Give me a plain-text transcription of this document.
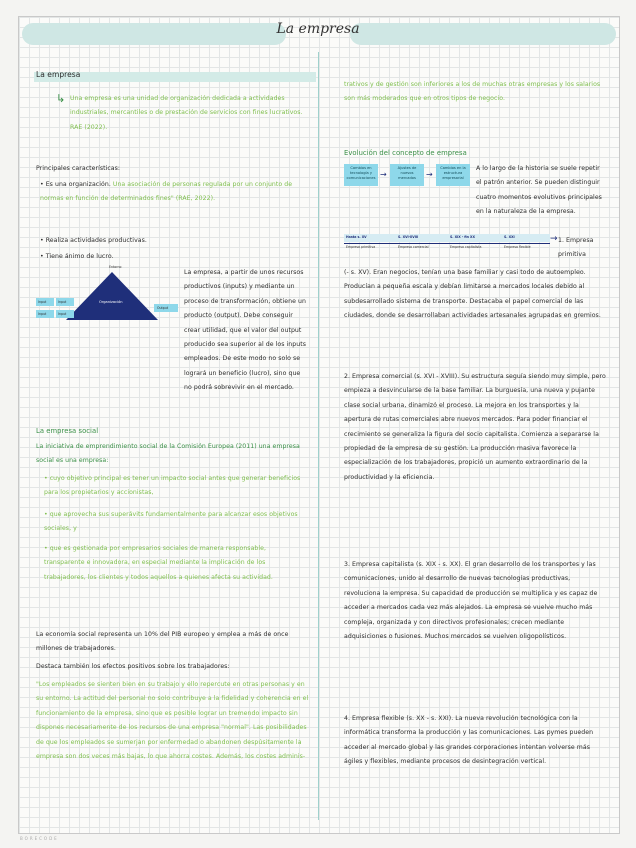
La empresa
La empresa
↳ Una empresa es una unidad de organización dedicada a actividades industriales, mercantiles o de prestación de servicios con fines lucrativos. RAE (2022).
Principales características:
• Es una organización. Una asociación de personas regulada por un conjunto de normas en función de determinados fines" (RAE, 2022).
• Realiza actividades productivas.
• Tiene ánimo de lucro.
Entorno
Organización
Input	Input
Input	Input
Output
La empresa, a partir de unos recursos productivos (inputs) y mediante un proceso de transformación, obtiene un producto (output). Debe conseguir crear utilidad, que el valor del output producido sea superior al de los inputs empleados. De este modo no solo se logrará un beneficio (lucro), sino que no podrá sobrevivir en el mercado.
La empresa social
La iniciativa de emprendimiento social de la Comisión Europea (2011) una empresa social es una empresa:
• cuyo objetivo principal es tener un impacto social antes que generar beneficios para los propietarios y accionistas,
• que aprovecha sus superávits fundamentalmente para alcanzar esos objetivos sociales, y
• que es gestionada por empresarios sociales de manera responsable, transparente e innovadora, en especial mediante la implicación de los trabajadores, los clientes y todos aquellos a quienes afecta su actividad.
La economía social representa un 10% del PIB europeo y emplea a más de once millones de trabajadores.
Destaca también los efectos positivos sobre los trabajadores:
"Los empleados se sienten bien en su trabajo y ello repercute en otras personas y en su entorno. La actitud del personal no solo contribuye a la fidelidad y coherencia en el funcionamiento de la empresa, sino que es posible lograr un tremendo impacto sin dispones necesariamente de los recursos de una empresa "normal". Las posibilidades de que los empleados se sumerjan por enfermedad o abandonen despúsitamente la empresa son dos veces más bajas, lo que ahorra costes. Además, los costes adminis-
trativos y de gestión son inferiores a los de muchas otras empresas y los salarios son más moderados que en otros tipos de negocio.
Evolución del concepto de empresa
Cambios en tecnología y comunicaciones →
Ajustes de nuevos mercados	→
Cambios en la estructura empresarial
A lo largo de la historia se suele repetir el patrón anterior. Se pueden distinguir cuatro momentos evolutivos principales en la naturaleza de la empresa.
Hasta s. XV	S. XVI-XVIII	S. XIX - fin XX	S. XXI
Empresa primitiva	Empresa comercial	Empresa capitalista	Empresa flexible
→ 1. Empresa primitiva
(- s. XV). Eran negocios, tenían una base familiar y casi todo de autoempleo. Producían a pequeña escala y debían limitarse a mercados locales debido al subdesarrollado sistema de transporte. Destacaba el papel comercial de las ciudades, donde se desarrollaban actividades artesanales agrupadas en gremios.
2. Empresa comercial (s. XVI - XVIII). Su estructura seguía siendo muy simple, pero empieza a desvincularse de la base familiar. La burguesía, una nueva y pujante clase social urbana, dinamizó el proceso. La mejora en los transportes y la apertura de rutas comerciales abre nuevos mercados. Para poder financiar el crecimiento se generaliza la figura del socio capitalista. Comienza a separarse la propiedad de la empresa de su gestión. La producción masiva favorece la especialización de los trabajadores, propició un aumento extraordinario de la productividad y la eficiencia.
3. Empresa capitalista (s. XIX - s. XX). El gran desarrollo de los transportes y las comunicaciones, unido al desarrollo de nuevas tecnologías productivas, revoluciona la empresa. Su capacidad de producción se multiplica y es capaz de acceder a mercados cada vez más alejados. La empresa se vuelve mucho más compleja, organizada y con directivos profesionales; crecen mediante adquisiciones o fusiones. Muchos mercados se vuelven oligopolísticos.
4. Empresa flexible (s. XX - s. XXI). La nueva revolución tecnológica con la informática transforma la producción y las comunicaciones. Las pymes pueden acceder al mercado global y las grandes corporaciones intentan volverse más ágiles y flexibles, mediante procesos de desintegración vertical.
BORECODE
